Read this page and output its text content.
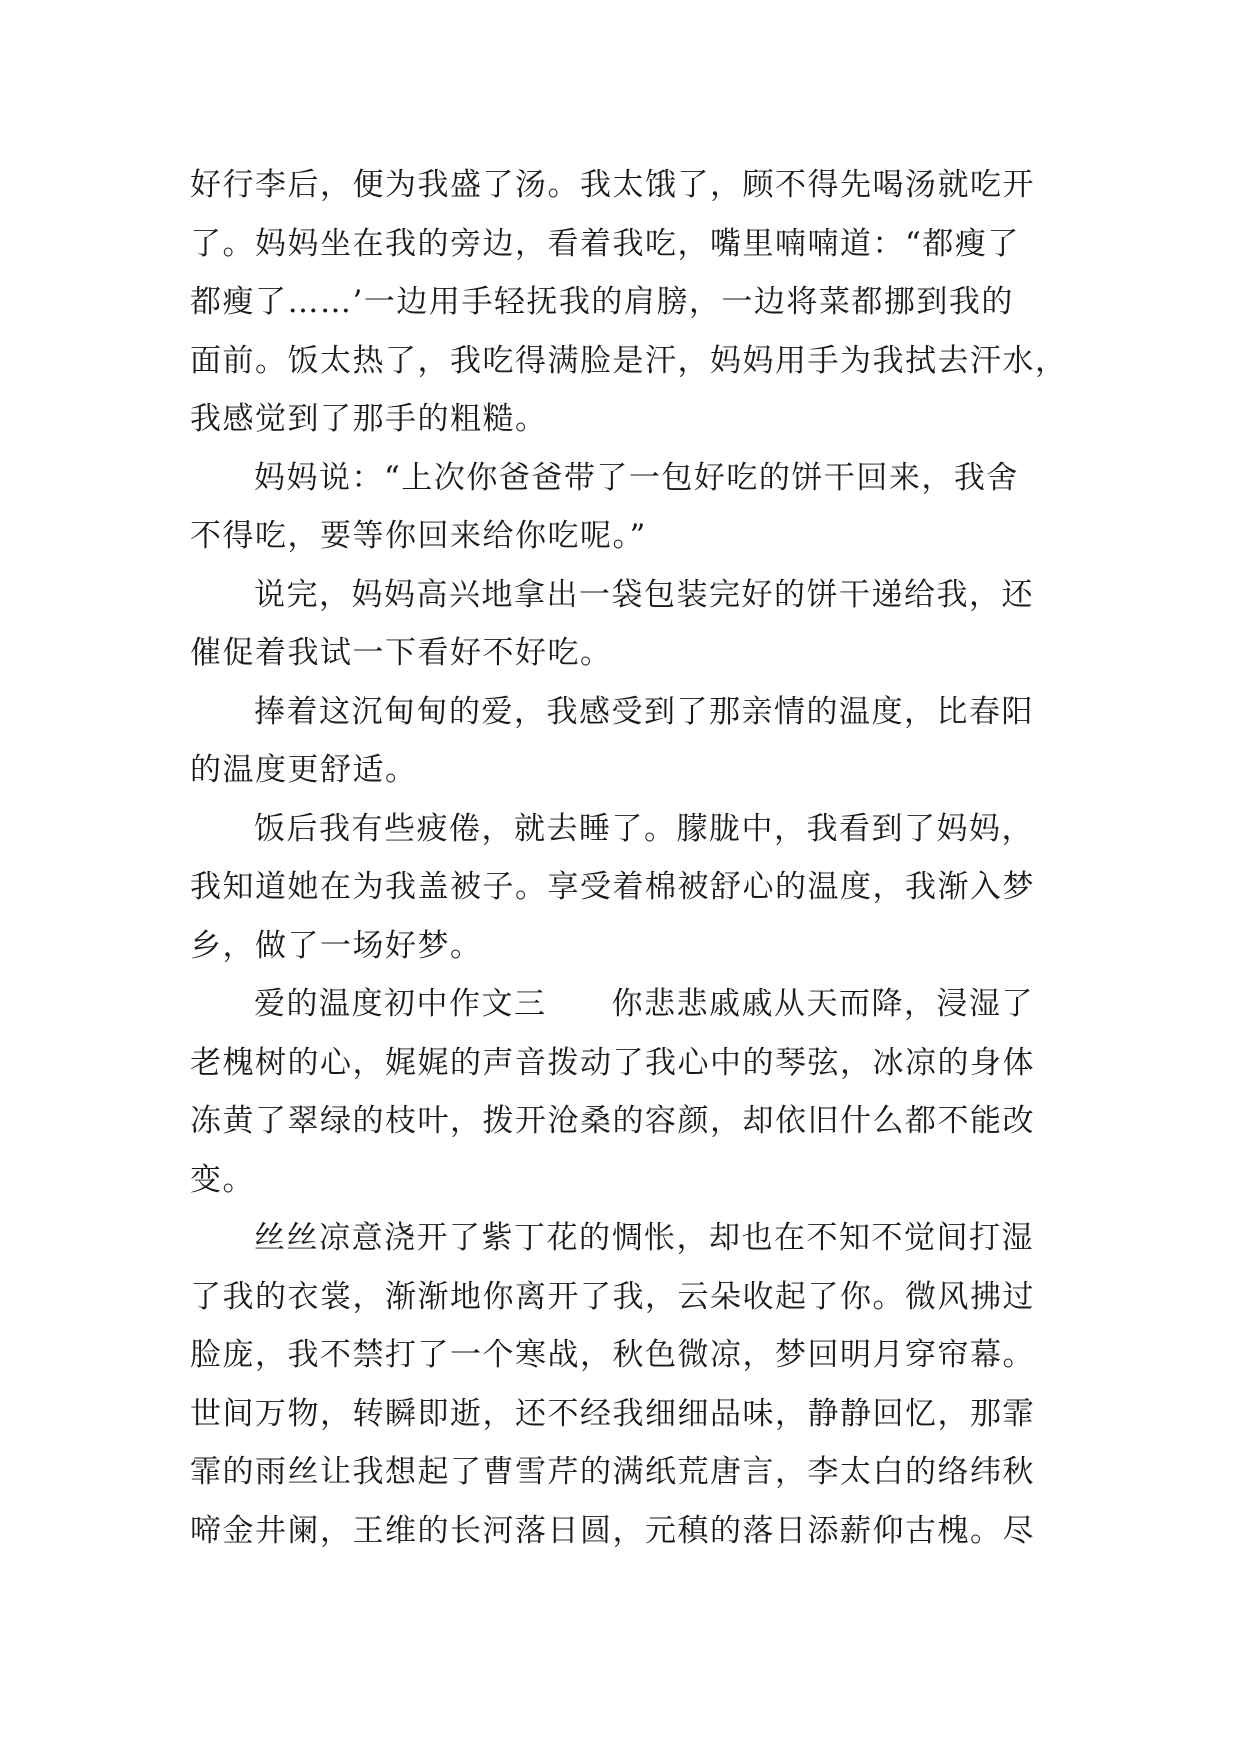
好行李后，便为我盛了汤。我太饿了，顾不得先喝汤就吃开
了。妈妈坐在我的旁边，看着我吃，嘴里喃喃道：“都瘦了
都瘦了……’一边用手轻抚我的肩膀，一边将菜都挪到我的
面前。饭太热了，我吃得满脸是汗，妈妈用手为我拭去汗水，
我感觉到了那手的粗糙。

妈妈说：“上次你爸爸带了一包好吃的饼干回来，我舍
不得吃，要等你回来给你吃呢。”

说完，妈妈高兴地拿出一袋包装完好的饼干递给我，还
催促着我试一下看好不好吃。

捧着这沉甸甸的爱，我感受到了那亲情的温度，比春阳
的温度更舒适。

饭后我有些疲倦，就去睡了。朦胧中，我看到了妈妈，
我知道她在为我盖被子。享受着棉被舒心的温度，我渐入梦
乡，做了一场好梦。

爱的温度初中作文三　　你悲悲戚戚从天而降，浸湿了
老槐树的心，娓娓的声音拨动了我心中的琴弦，冰凉的身体
冻黄了翠绿的枝叶，拨开沧桑的容颜，却依旧什么都不能改
变。

丝丝凉意浇开了紫丁花的惆怅，却也在不知不觉间打湿
了我的衣裳，渐渐地你离开了我，云朵收起了你。微风拂过
脸庞，我不禁打了一个寒战，秋色微凉，梦回明月穿帘幕。
世间万物，转瞬即逝，还不经我细细品味，静静回忆，那霏
霏的雨丝让我想起了曹雪芹的满纸荒唐言，李太白的络纬秋
啼金井阑，王维的长河落日圆，元稹的落日添薪仰古槐。尽
